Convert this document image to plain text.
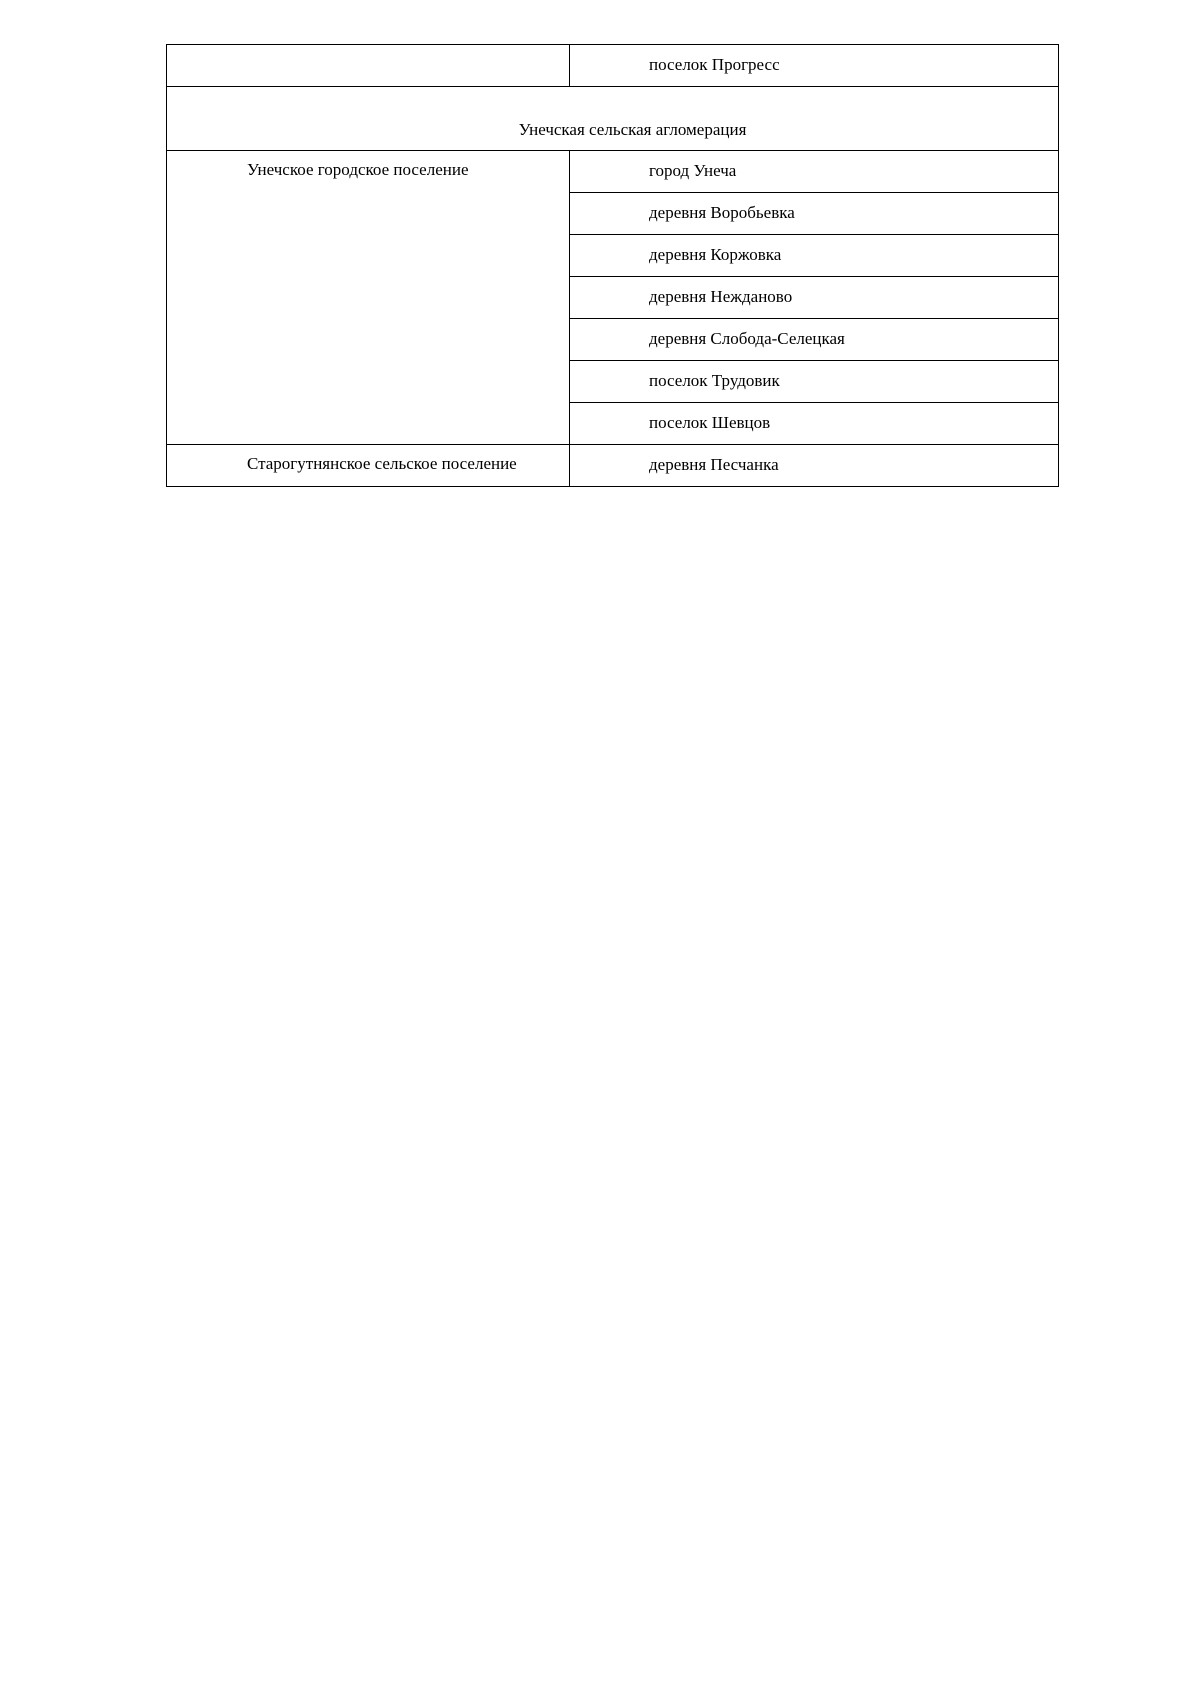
	поселок Прогресс
Унечская сельская агломерация	
Унечское городское поселение	город Унеча
	деревня Воробьевка
	деревня Коржовка
	деревня Нежданово
	деревня Слобода-Селецкая
	поселок Трудовик
	поселок Шевцов
Старогутнянское сельское поселение	деревня Песчанка
